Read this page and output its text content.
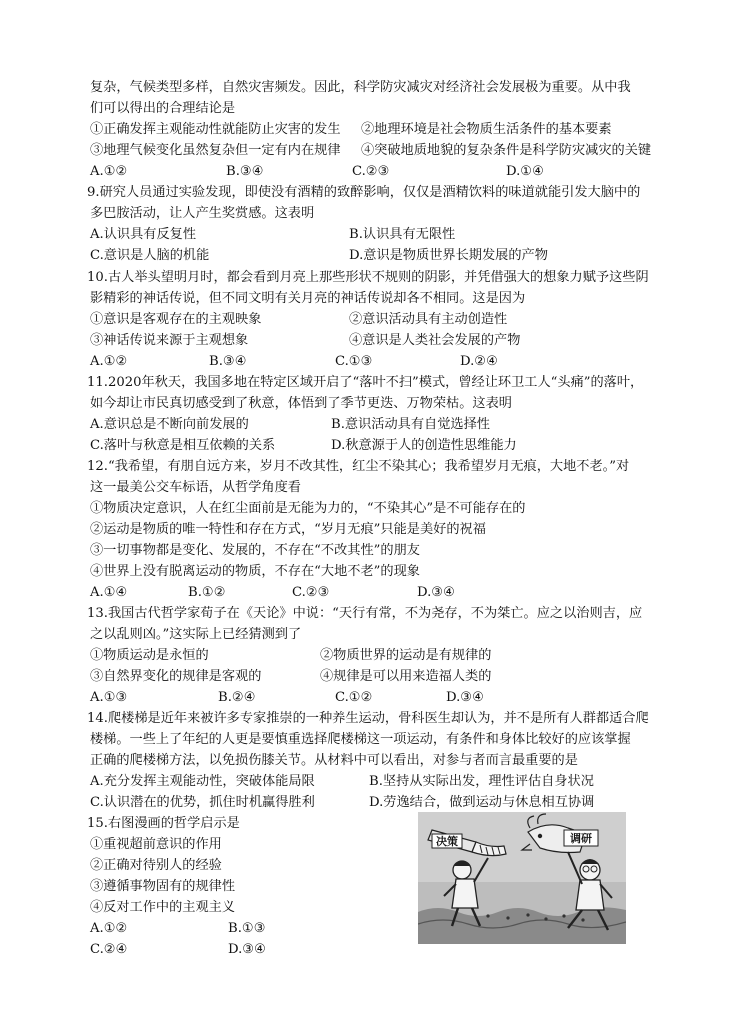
复杂，气候类型多样，自然灾害频发。因此，科学防灾减灾对经济社会发展极为重要。从中我
们可以得出的合理结论是
①正确发挥主观能动性就能防止灾害的发生 ②地理环境是社会物质生活条件的基本要素
③地理气候变化虽然复杂但一定有内在规律 ④突破地质地貌的复杂条件是科学防灾减灾的关键
A.①②	B.③④	C.②③	D.①④
9.研究人员通过实验发现，即使没有酒精的致醉影响，仅仅是酒精饮料的味道就能引发大脑中的
多巴胺活动，让人产生奖赏感。这表明
A.认识具有反复性	B.认识具有无限性
C.意识是人脑的机能	D.意识是物质世界长期发展的产物
10.古人举头望明月时，都会看到月亮上那些形状不规则的阴影，并凭借强大的想象力赋予这些阴
影精彩的神话传说，但不同文明有关月亮的神话传说却各不相同。这是因为
①意识是客观存在的主观映象	②意识活动具有主动创造性
③神话传说来源于主观想象	④意识是人类社会发展的产物
A.①②	B.③④	C.①③	D.②④
11.2020年秋天，我国多地在特定区域开启了“落叶不扫”模式，曾经让环卫工人“头痛”的落叶，
如今却让市民真切感受到了秋意，体悟到了季节更迭、万物荣枯。这表明
A.意识总是不断向前发展的	B.意识活动具有自觉选择性
C.落叶与秋意是相互依赖的关系	D.秋意源于人的创造性思维能力
12.“我希望，有朋自远方来，岁月不改其性，红尘不染其心；我希望岁月无痕，大地不老。”对
这一最美公交车标语，从哲学角度看
①物质决定意识，人在红尘面前是无能为力的，“不染其心”是不可能存在的
②运动是物质的唯一特性和存在方式，“岁月无痕”只能是美好的祝福
③一切事物都是变化、发展的，不存在“不改其性”的朋友
④世界上没有脱离运动的物质，不存在“大地不老”的现象
A.①④	B.①②	C.②③	D.③④
13.我国古代哲学家荀子在《天论》中说：“天行有常，不为尧存，不为桀亡。应之以治则吉，应
之以乱则凶。”这实际上已经猜测到了
①物质运动是永恒的	②物质世界的运动是有规律的
③自然界变化的规律是客观的	④规律是可以用来造福人类的
A.①③	B.②④	C.①②	D.③④
14.爬楼梯是近年来被许多专家推崇的一种养生运动，骨科医生却认为，并不是所有人群都适合爬
楼梯。一些上了年纪的人更是要慎重选择爬楼梯这一项运动，有条件和身体比较好的应该掌握
正确的爬楼梯方法，以免损伤膝关节。从材料中可以看出，对参与者而言最重要的是
A.充分发挥主观能动性，突破体能局限	B.坚持从实际出发，理性评估自身状况
C.认识潜在的优势，抓住时机赢得胜利	D.劳逸结合，做到运动与休息相互协调
15.右图漫画的哲学启示是
①重视超前意识的作用
②正确对待别人的经验
③遵循事物固有的规律性
④反对工作中的主观主义
A.①②	B.①③
C.②④	D.③④
决策	调研
